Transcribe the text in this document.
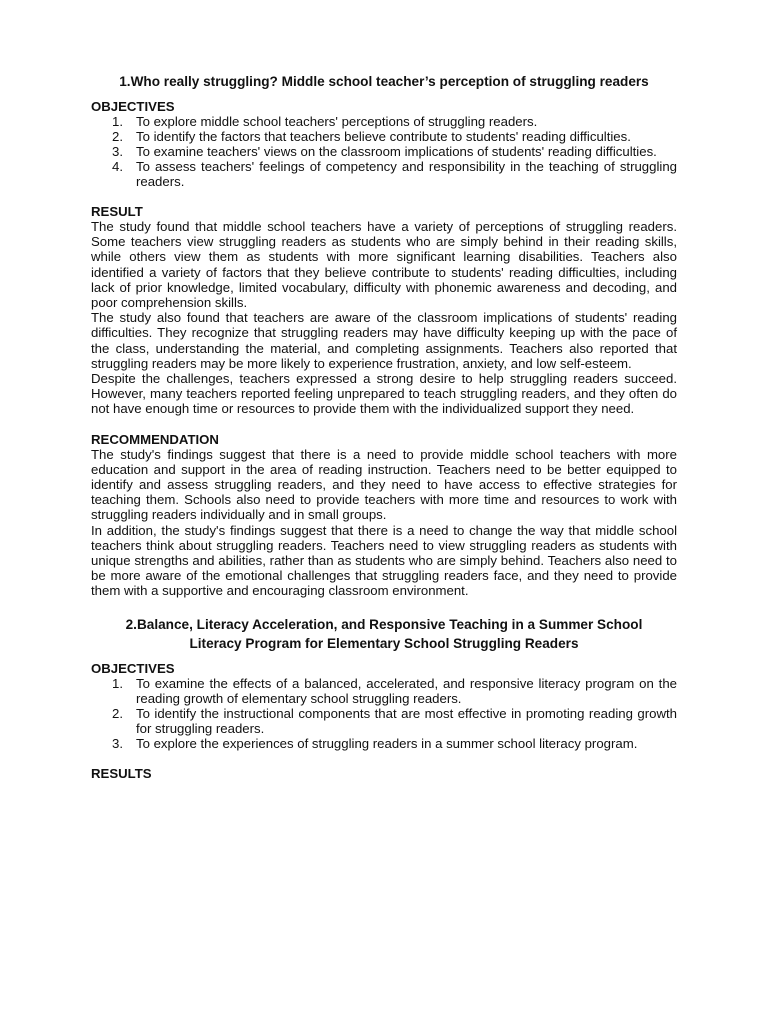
1.Who really struggling? Middle school teacher’s perception of struggling readers

OBJECTIVES

1. To explore middle school teachers' perceptions of struggling readers.
2. To identify the factors that teachers believe contribute to students' reading difficulties.
3. To examine teachers' views on the classroom implications of students' reading difficulties.
4. To assess teachers' feelings of competency and responsibility in the teaching of struggling readers.

RESULT

The study found that middle school teachers have a variety of perceptions of struggling readers. Some teachers view struggling readers as students who are simply behind in their reading skills, while others view them as students with more significant learning disabilities. Teachers also identified a variety of factors that they believe contribute to students' reading difficulties, including lack of prior knowledge, limited vocabulary, difficulty with phonemic awareness and decoding, and poor comprehension skills.

The study also found that teachers are aware of the classroom implications of students' reading difficulties. They recognize that struggling readers may have difficulty keeping up with the pace of the class, understanding the material, and completing assignments. Teachers also reported that struggling readers may be more likely to experience frustration, anxiety, and low self-esteem.

Despite the challenges, teachers expressed a strong desire to help struggling readers succeed. However, many teachers reported feeling unprepared to teach struggling readers, and they often do not have enough time or resources to provide them with the individualized support they need.

RECOMMENDATION

The study's findings suggest that there is a need to provide middle school teachers with more education and support in the area of reading instruction. Teachers need to be better equipped to identify and assess struggling readers, and they need to have access to effective strategies for teaching them. Schools also need to provide teachers with more time and resources to work with struggling readers individually and in small groups.

In addition, the study's findings suggest that there is a need to change the way that middle school teachers think about struggling readers. Teachers need to view struggling readers as students with unique strengths and abilities, rather than as students who are simply behind. Teachers also need to be more aware of the emotional challenges that struggling readers face, and they need to provide them with a supportive and encouraging classroom environment.

2.Balance, Literacy Acceleration, and Responsive Teaching in a Summer School Literacy Program for Elementary School Struggling Readers

OBJECTIVES

1. To examine the effects of a balanced, accelerated, and responsive literacy program on the reading growth of elementary school struggling readers.
2. To identify the instructional components that are most effective in promoting reading growth for struggling readers.
3. To explore the experiences of struggling readers in a summer school literacy program.

RESULTS
